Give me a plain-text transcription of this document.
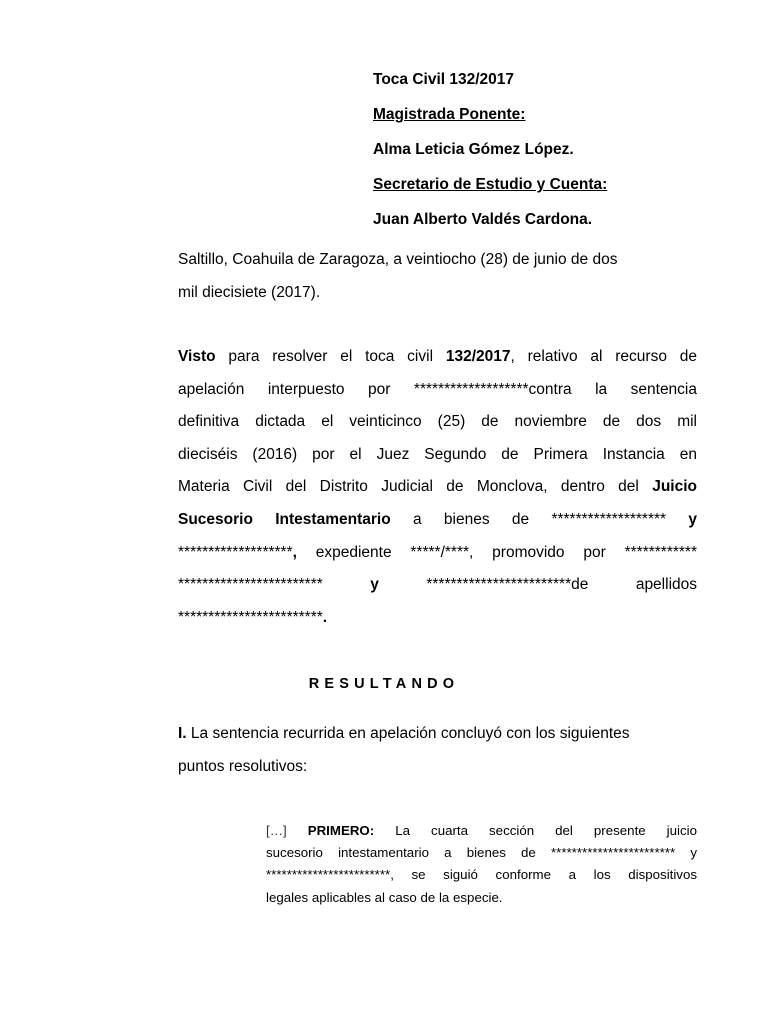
Toca Civil 132/2017
Magistrada Ponente:
Alma Leticia Gómez López.
Secretario de Estudio y Cuenta:
Juan Alberto Valdés Cardona.
Saltillo, Coahuila de Zaragoza, a veintiocho (28) de junio de dos
mil diecisiete (2017).
Visto para resolver el toca civil 132/2017, relativo al recurso de
apelación interpuesto por *******************contra la sentencia
definitiva dictada el veinticinco (25) de noviembre de dos mil
dieciséis (2016) por el Juez Segundo de Primera Instancia en
Materia Civil del Distrito Judicial de Monclova, dentro del Juicio
Sucesorio Intestamentario a bienes de ******************* y
*******************, expediente *****/****, promovido por ************
************************ y ************************de apellidos
************************.
RESULTANDO
I. La sentencia recurrida en apelación concluyó con los siguientes
puntos resolutivos:
[…] PRIMERO: La cuarta sección del presente juicio
sucesorio intestamentario a bienes de ************************ y
************************, se siguió conforme a los dispositivos
legales aplicables al caso de la especie.
